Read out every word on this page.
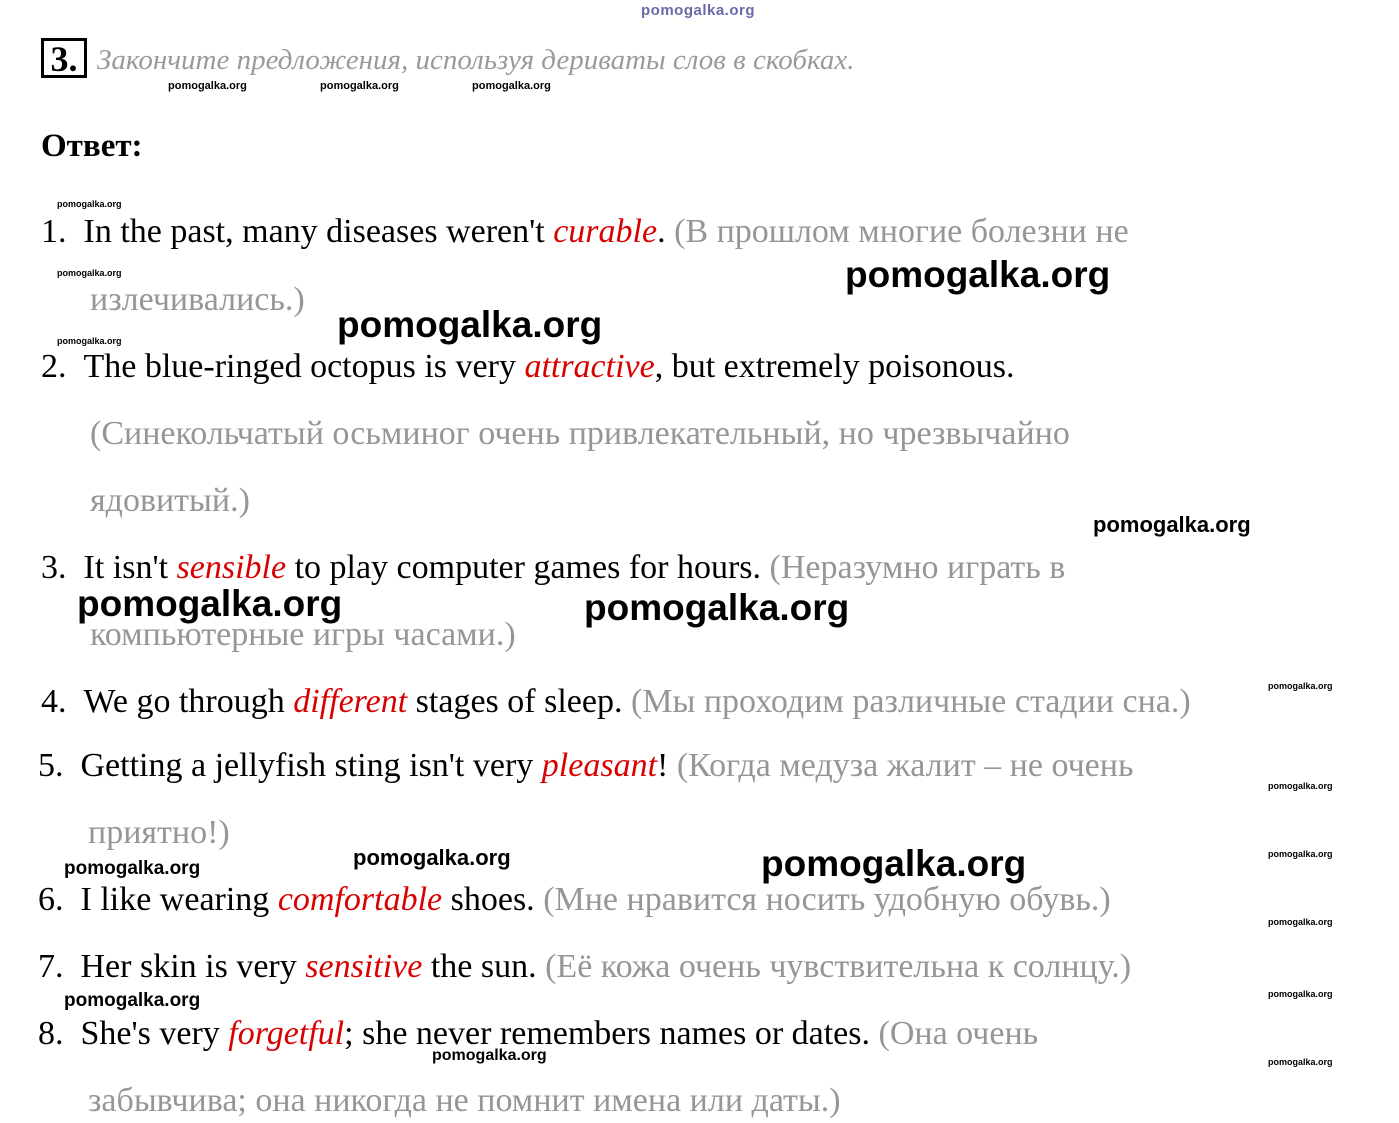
pomogalka.org
3. Закончите предложения, используя дериваты слов в скобках.
Ответ:
1. In the past, many diseases weren't curable. (В прошлом многие болезни не
излечивались.)
2. The blue-ringed octopus is very attractive, but extremely poisonous.
(Синекольчатый осьминог очень привлекательный, но чрезвычайно
ядовитый.)
3. It isn't sensible to play computer games for hours. (Неразумно играть в
компьютерные игры часами.)
4. We go through different stages of sleep. (Мы проходим различные стадии сна.)
5. Getting a jellyfish sting isn't very pleasant! (Когда медуза жалит – не очень
приятно!)
6. I like wearing comfortable shoes. (Мне нравится носить удобную обувь.)
7. Her skin is very sensitive the sun. (Её кожа очень чувствительна к солнцу.)
8. She's very forgetful; she never remembers names or dates. (Она очень
забывчива; она никогда не помнит имена или даты.)
pomogalka.org	pomogalka.org	pomogalka.org
pomogalka.org
pomogalka.org
pomogalka.org
pomogalka.org
pomogalka.org
pomogalka.org
pomogalka.org	pomogalka.org
pomogalka.org
pomogalka.org
pomogalka.org
pomogalka.org	pomogalka.org
pomogalka.org
pomogalka.org
pomogalka.org	pomogalka.org
pomogalka.org	pomogalka.org
